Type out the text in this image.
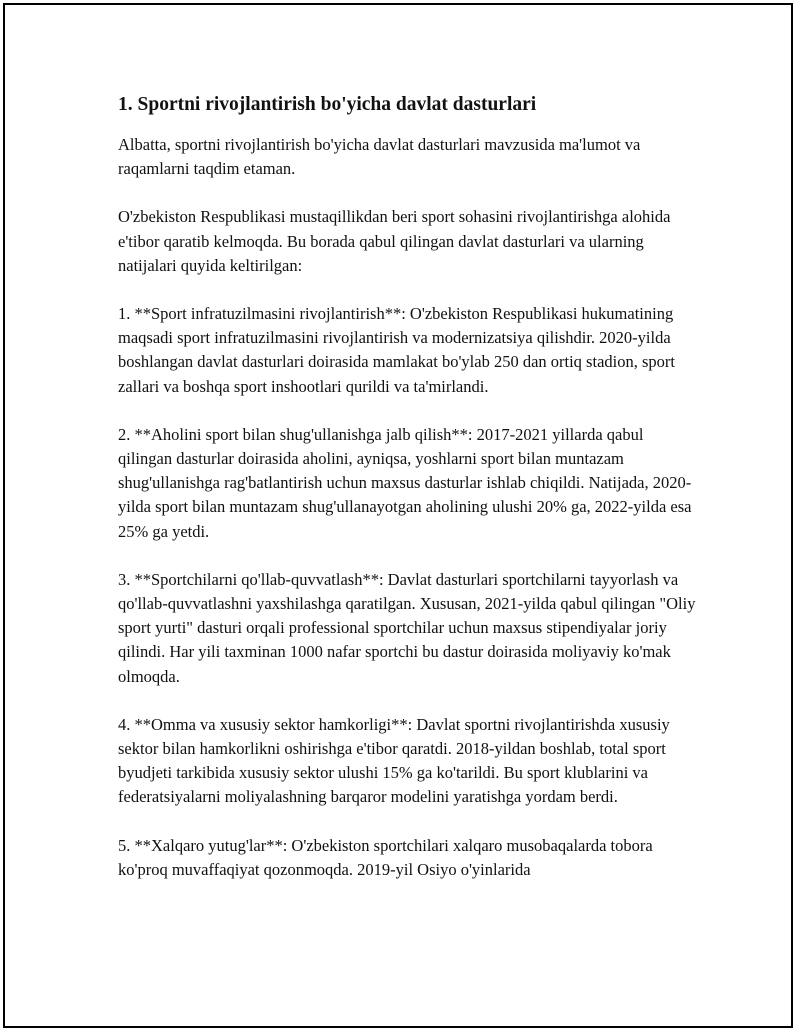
1. Sportni rivojlantirish bo'yicha davlat dasturlari

Albatta, sportni rivojlantirish bo'yicha davlat dasturlari mavzusida ma'lumot va raqamlarni taqdim etaman.

O'zbekiston Respublikasi mustaqillikdan beri sport sohasini rivojlantirishga alohida e'tibor qaratib kelmoqda. Bu borada qabul qilingan davlat dasturlari va ularning natijalari quyida keltirilgan:

1. **Sport infratuzilmasini rivojlantirish**: O'zbekiston Respublikasi hukumatining maqsadi sport infratuzilmasini rivojlantirish va modernizatsiya qilishdir. 2020-yilda boshlangan davlat dasturlari doirasida mamlakat bo'ylab 250 dan ortiq stadion, sport zallari va boshqa sport inshootlari qurildi va ta'mirlandi.

2. **Aholini sport bilan shug'ullanishga jalb qilish**: 2017-2021 yillarda qabul qilingan dasturlar doirasida aholini, ayniqsa, yoshlarni sport bilan muntazam shug'ullanishga rag'batlantirish uchun maxsus dasturlar ishlab chiqildi. Natijada, 2020-yilda sport bilan muntazam shug'ullanayotgan aholining ulushi 20% ga, 2022-yilda esa 25% ga yetdi.

3. **Sportchilarni qo'llab-quvvatlash**: Davlat dasturlari sportchilarni tayyorlash va qo'llab-quvvatlashni yaxshilashga qaratilgan. Xususan, 2021-yilda qabul qilingan "Oliy sport yurti" dasturi orqali professional sportchilar uchun maxsus stipendiyalar joriy qilindi. Har yili taxminan 1000 nafar sportchi bu dastur doirasida moliyaviy ko'mak olmoqda.

4. **Omma va xususiy sektor hamkorligi**: Davlat sportni rivojlantirishda xususiy sektor bilan hamkorlikni oshirishga e'tibor qaratdi. 2018-yildan boshlab, total sport byudjeti tarkibida xususiy sektor ulushi 15% ga ko'tarildi. Bu sport klublarini va federatsiyalarni moliyalashning barqaror modelini yaratishga yordam berdi.

5. **Xalqaro yutug'lar**: O'zbekiston sportchilari xalqaro musobaqalarda tobora ko'proq muvaffaqiyat qozonmoqda. 2019-yil Osiyo o'yinlarida
